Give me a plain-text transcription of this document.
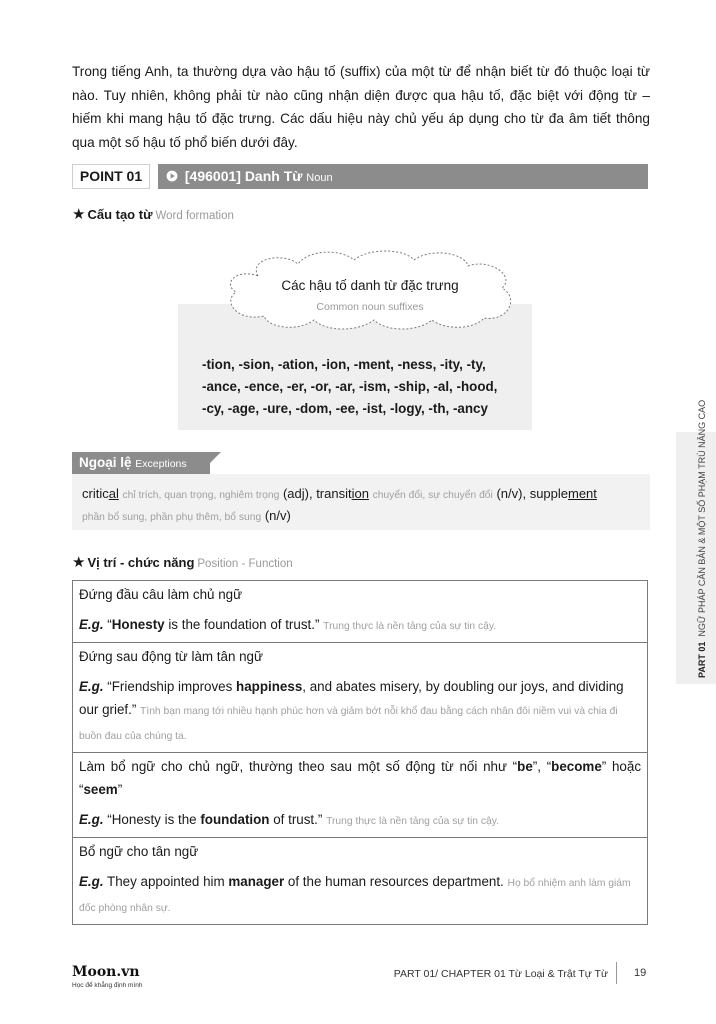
Trong tiếng Anh, ta thường dựa vào hậu tố (suffix) của một từ để nhận biết từ đó thuộc loại từ nào. Tuy nhiên, không phải từ nào cũng nhận diện được qua hậu tố, đặc biệt với động từ – hiếm khi mang hậu tố đặc trưng. Các dấu hiệu này chủ yếu áp dụng cho từ đa âm tiết thông qua một số hậu tố phổ biến dưới đây.
POINT 01	[496001] Danh Từ Noun
★ Cấu tạo từ Word formation
Các hậu tố danh từ đặc trưng
Common noun suffixes
-tion, -sion, -ation, -ion, -ment, -ness, -ity, -ty,
-ance, -ence, -er, -or, -ar, -ism, -ship, -al, -hood,
-cy, -age, -ure, -dom, -ee, -ist, -logy, -th, -ancy
Ngoại lệ Exceptions
critical chỉ trích, quan trọng, nghiêm trọng (adj), transition chuyển đổi, sự chuyển đổi (n/v), supplement
phần bổ sung, phần phụ thêm, bổ sung (n/v)
★ Vị trí - chức năng Position - Function
Đứng đầu câu làm chủ ngữ
E.g. “Honesty is the foundation of trust.” Trung thực là nền tảng của sự tin cậy.

Đứng sau động từ làm tân ngữ
E.g. “Friendship improves happiness, and abates misery, by doubling our joys, and dividing our grief.” Tình bạn mang tới nhiều hạnh phúc hơn và giảm bớt nỗi khổ đau bằng cách nhân đôi niềm vui và chia đi buồn đau của chúng ta.

Làm bổ ngữ cho chủ ngữ, thường theo sau một số động từ nối như “be”, “become” hoặc “seem”
E.g. “Honesty is the foundation of trust.” Trung thực là nền tảng của sự tin cậy.

Bổ ngữ cho tân ngữ
E.g. They appointed him manager of the human resources department. Họ bổ nhiệm anh làm giám đốc phòng nhân sự.
PART 01  NGỮ PHÁP CĂN BẢN & MỘT SỐ PHẠM TRÙ NÂNG CAO
Moon.vn
Học để khẳng định mình
PART 01/ CHAPTER 01 Từ Loại & Trật Tự Từ 19
